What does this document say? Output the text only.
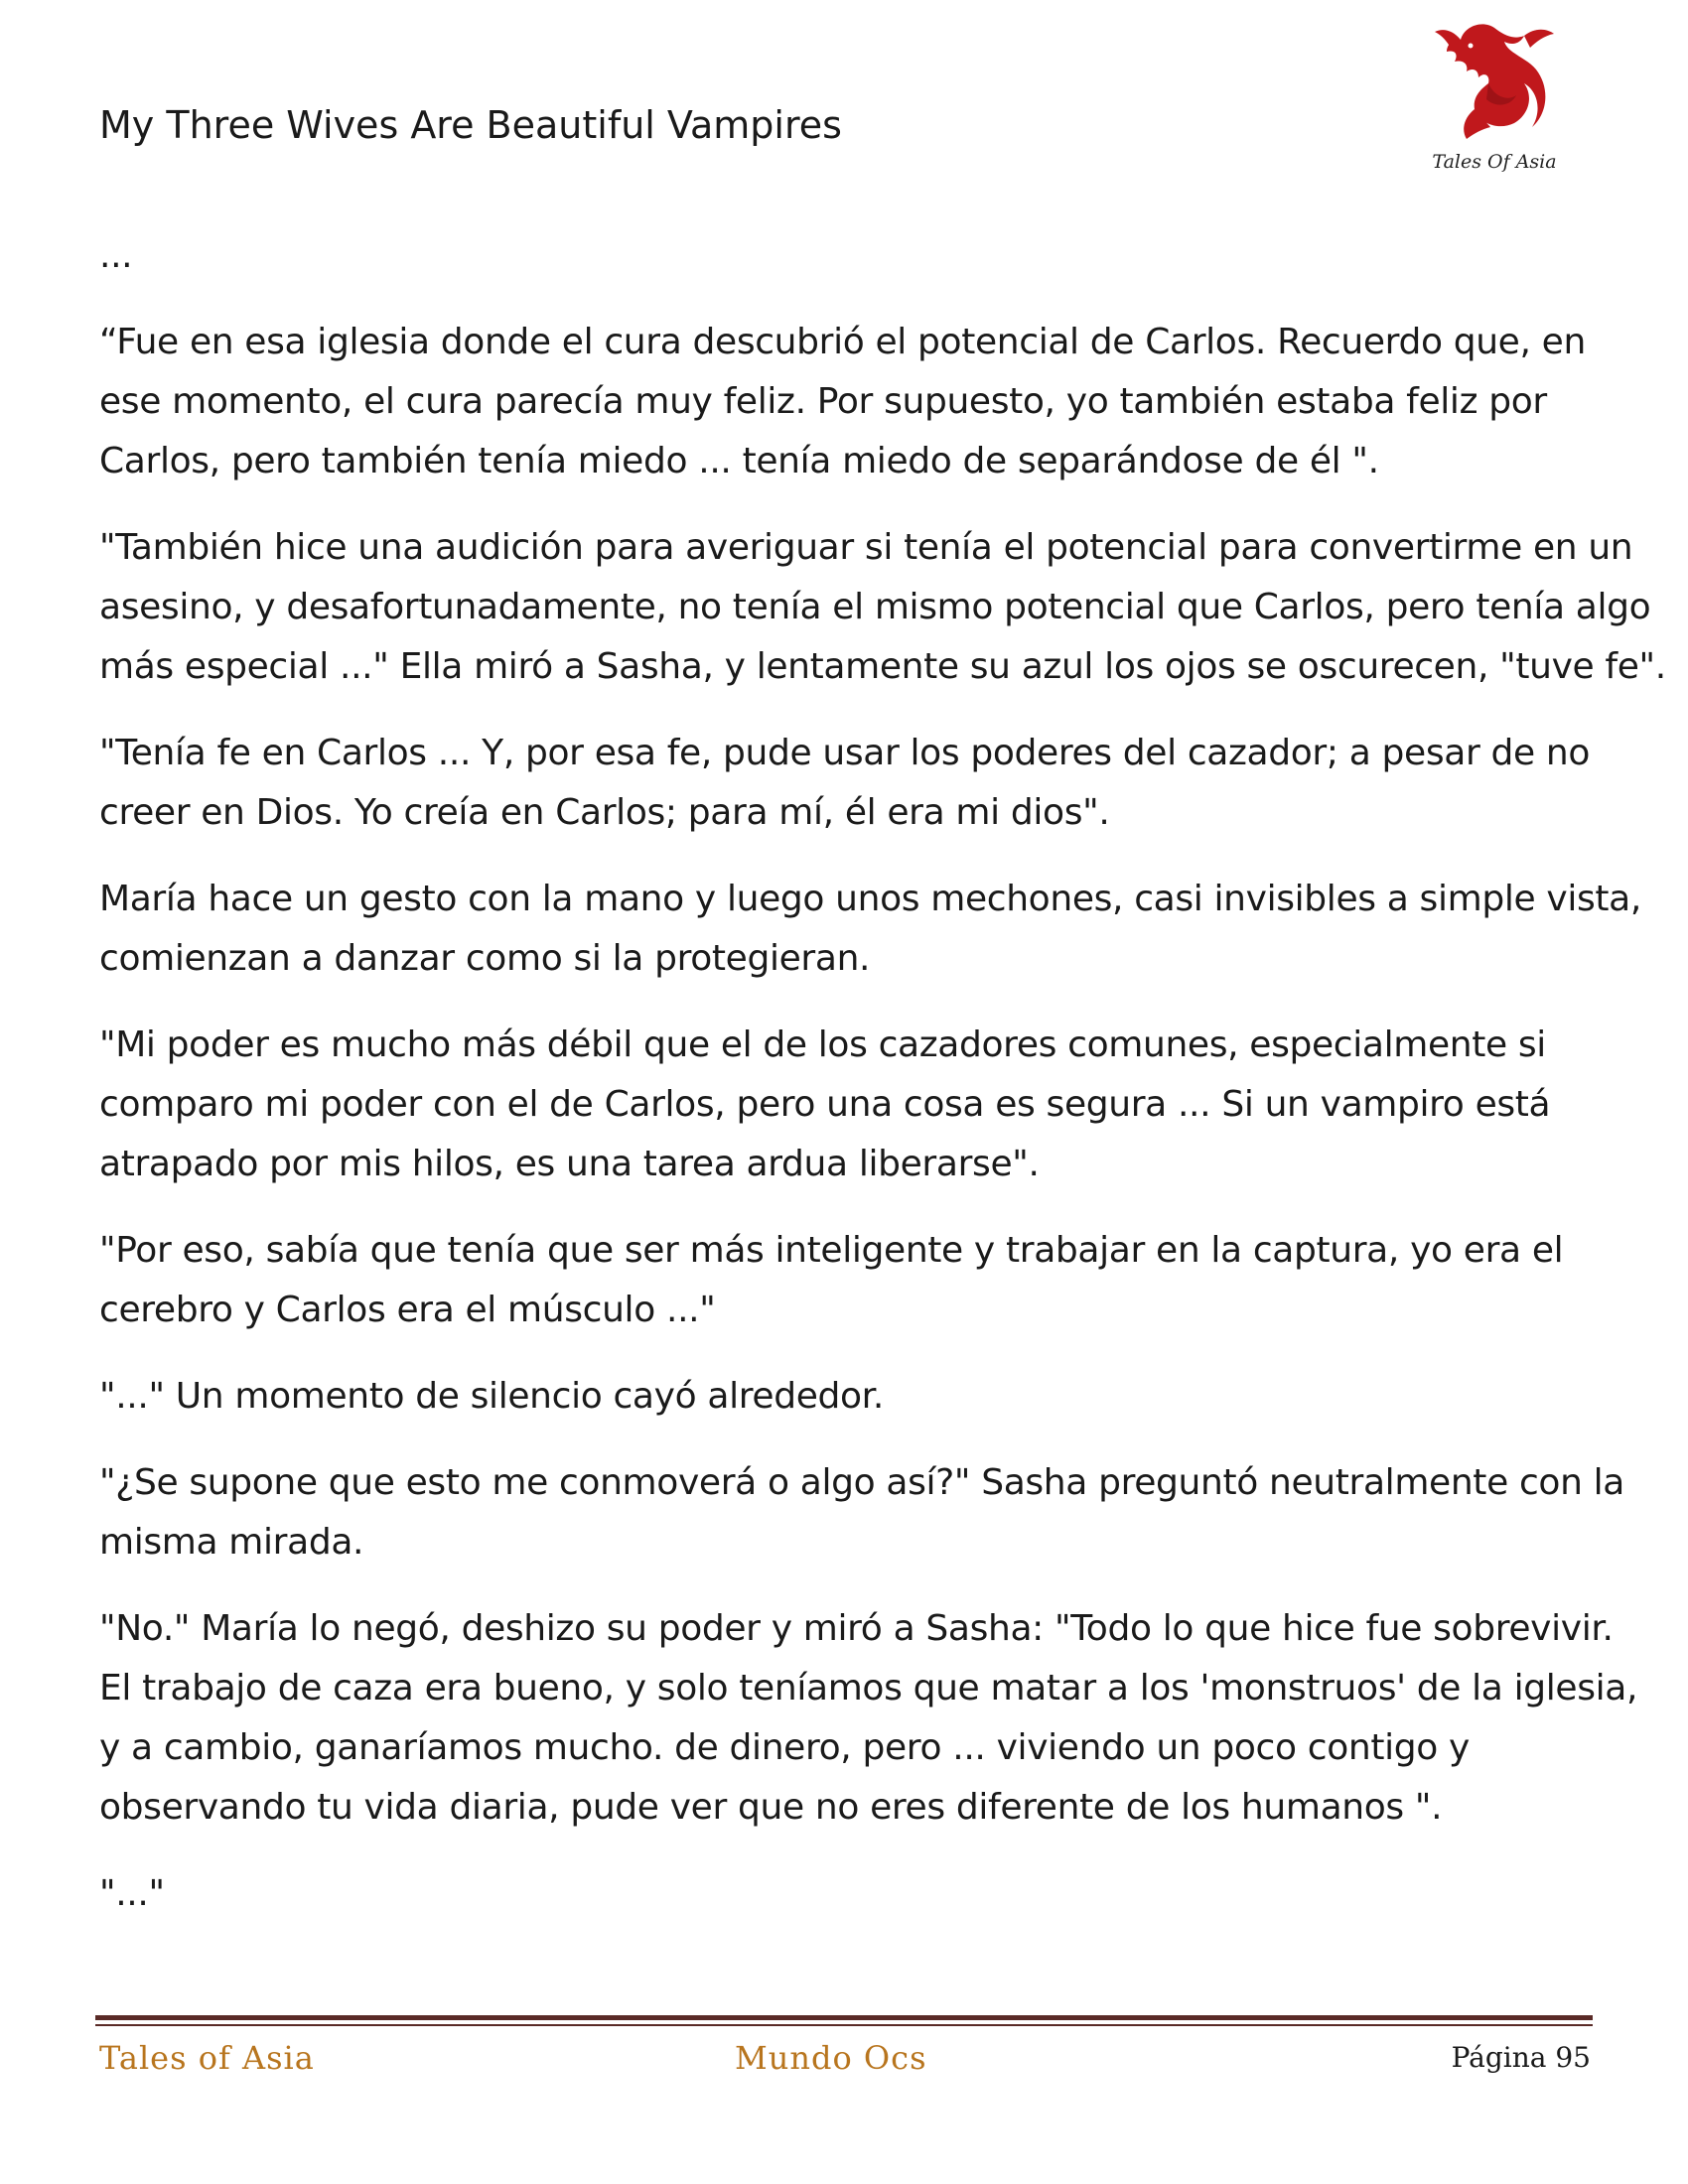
My Three Wives Are Beautiful Vampires
Tales Of Asia

...

“Fue en esa iglesia donde el cura descubrió el potencial de Carlos. Recuerdo que, en
ese momento, el cura parecía muy feliz. Por supuesto, yo también estaba feliz por
Carlos, pero también tenía miedo ... tenía miedo de separándose de él ".

"También hice una audición para averiguar si tenía el potencial para convertirme en un
asesino, y desafortunadamente, no tenía el mismo potencial que Carlos, pero tenía algo
más especial ..." Ella miró a Sasha, y lentamente su azul los ojos se oscurecen, "tuve fe".

"Tenía fe en Carlos ... Y, por esa fe, pude usar los poderes del cazador; a pesar de no
creer en Dios. Yo creía en Carlos; para mí, él era mi dios".

María hace un gesto con la mano y luego unos mechones, casi invisibles a simple vista,
comienzan a danzar como si la protegieran.

"Mi poder es mucho más débil que el de los cazadores comunes, especialmente si
comparo mi poder con el de Carlos, pero una cosa es segura ... Si un vampiro está
atrapado por mis hilos, es una tarea ardua liberarse".

"Por eso, sabía que tenía que ser más inteligente y trabajar en la captura, yo era el
cerebro y Carlos era el músculo ..."

"..." Un momento de silencio cayó alrededor.

"¿Se supone que esto me conmoverá o algo así?" Sasha preguntó neutralmente con la
misma mirada.

"No." María lo negó, deshizo su poder y miró a Sasha: "Todo lo que hice fue sobrevivir.
El trabajo de caza era bueno, y solo teníamos que matar a los 'monstruos' de la iglesia,
y a cambio, ganaríamos mucho. de dinero, pero ... viviendo un poco contigo y
observando tu vida diaria, pude ver que no eres diferente de los humanos ".

"..."

Tales of Asia	Mundo Ocs	Página 95
